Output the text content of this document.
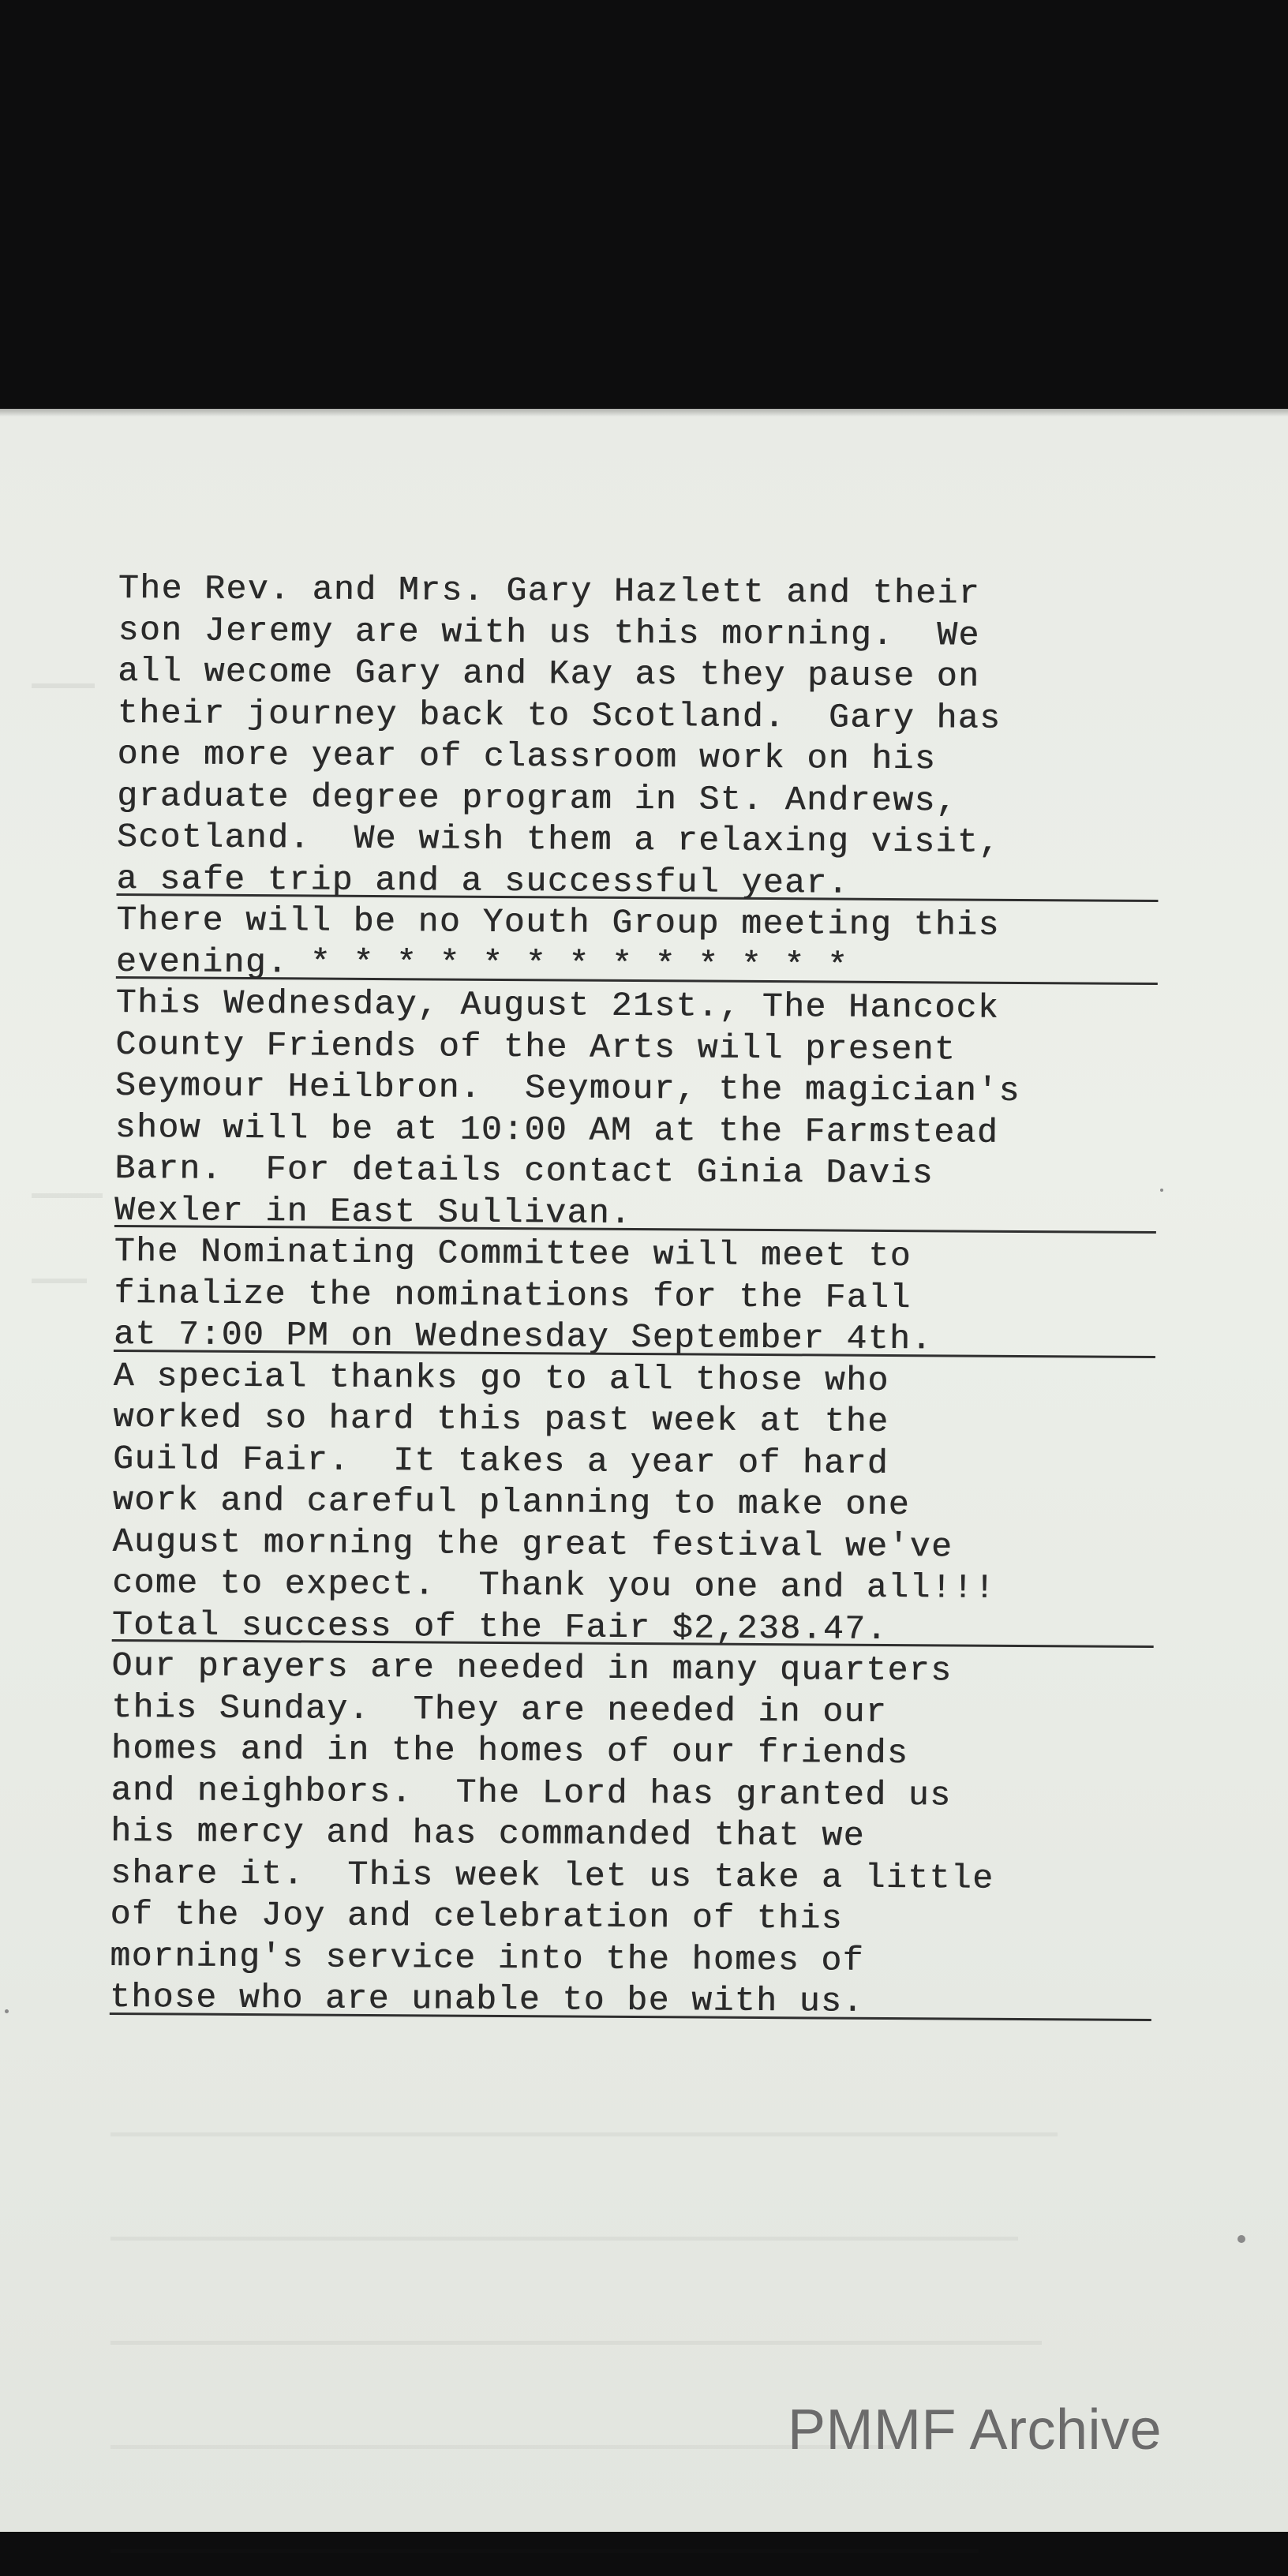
The Rev. and Mrs. Gary Hazlett and their
son Jeremy are with us this morning.  We
all wecome Gary and Kay as they pause on
their journey back to Scotland.  Gary has
one more year of classroom work on his
graduate degree program in St. Andrews,
Scotland.  We wish them a relaxing visit,
a safe trip and a successful year.
There will be no Youth Group meeting this
evening. * * * * * * * * * * * * *
This Wednesday, August 21st., The Hancock
County Friends of the Arts will present
Seymour Heilbron.  Seymour, the magician's
show will be at 10:00 AM at the Farmstead
Barn.  For details contact Ginia Davis
Wexler in East Sullivan.
The Nominating Committee will meet to
finalize the nominations for the Fall
at 7:00 PM on Wednesday September 4th.
A special thanks go to all those who
worked so hard this past week at the
Guild Fair.  It takes a year of hard
work and careful planning to make one
August morning the great festival we've
come to expect.  Thank you one and all!!!
Total success of the Fair $2,238.47.
Our prayers are needed in many quarters
this Sunday.  They are needed in our
homes and in the homes of our friends
and neighbors.  The Lord has granted us
his mercy and has commanded that we
share it.  This week let us take a little
of the Joy and celebration of this
morning's service into the homes of
those who are unable to be with us.
PMMF Archive
